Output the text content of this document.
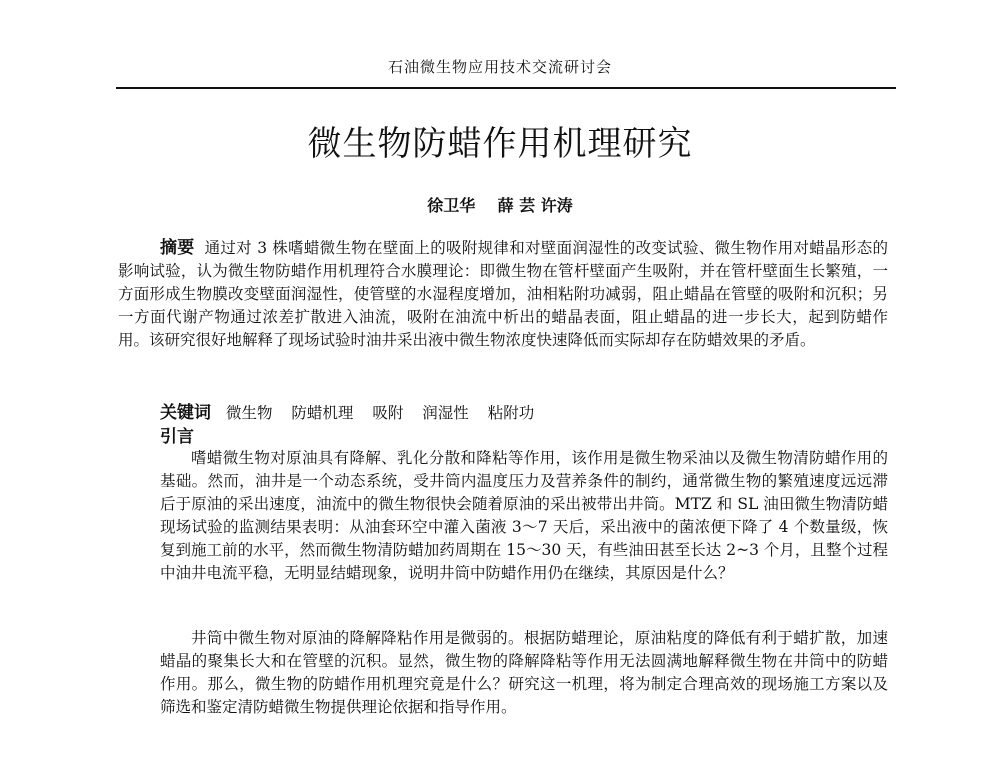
石油微生物应用技术交流研讨会
微生物防蜡作用机理研究
徐卫华    薛 芸 许涛

摘要 通过对 3 株嗜蜡微生物在壁面上的吸附规律和对壁面润湿性的改变试验、微生物作用对蜡晶形态的影响试验，认为微生物防蜡作用机理符合水膜理论：即微生物在管杆壁面产生吸附，并在管杆壁面生长繁殖，一方面形成生物膜改变壁面润湿性，使管壁的水湿程度增加，油相粘附功减弱，阻止蜡晶在管壁的吸附和沉积；另一方面代谢产物通过浓差扩散进入油流，吸附在油流中析出的蜡晶表面，阻止蜡晶的进一步长大，起到防蜡作用。该研究很好地解释了现场试验时油井采出液中微生物浓度快速降低而实际却存在防蜡效果的矛盾。

关键词 微生物 防蜡机理 吸附 润湿性 粘附功
引言

嗜蜡微生物对原油具有降解、乳化分散和降粘等作用，该作用是微生物采油以及微生物清防蜡作用的基础。然而，油井是一个动态系统，受井筒内温度压力及营养条件的制约，通常微生物的繁殖速度远远滞后于原油的采出速度，油流中的微生物很快会随着原油的采出被带出井筒。MTZ 和 SL 油田微生物清防蜡现场试验的监测结果表明：从油套环空中灌入菌液 3～7 天后，采出液中的菌浓便下降了 4 个数量级，恢复到施工前的水平，然而微生物清防蜡加药周期在 15～30 天，有些油田甚至长达 2~3 个月，且整个过程中油井电流平稳，无明显结蜡现象，说明井筒中防蜡作用仍在继续，其原因是什么？

井筒中微生物对原油的降解降粘作用是微弱的。根据防蜡理论，原油粘度的降低有利于蜡扩散，加速蜡晶的聚集长大和在管壁的沉积。显然，微生物的降解降粘等作用无法圆满地解释微生物在井筒中的防蜡作用。那么，微生物的防蜡作用机理究竟是什么？研究这一机理，将为制定合理高效的现场施工方案以及筛选和鉴定清防蜡微生物提供理论依据和指导作用。
